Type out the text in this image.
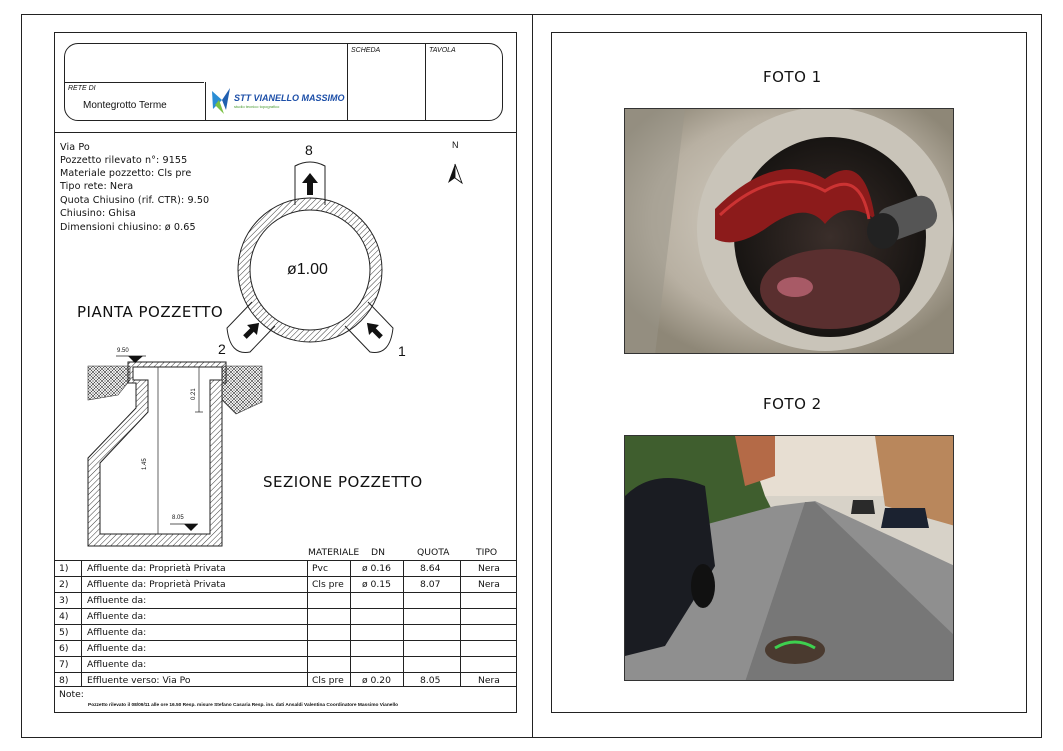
RETE DI
Montegrotto Terme
SCHEDA	TAVOLA
STT VIANELLO MASSIMO
studio tecnico topografico
Via Po
Pozzetto rilevato n°: 9155
Materiale pozzetto: Cls pre
Tipo rete: Nera
Quota Chiusino (rif. CTR): 9.50
Chiusino: Ghisa
Dimensioni chiusino: ø 0.65
8
2	1
N
ø1.00
PIANTA POZZETTO
SEZIONE POZZETTO
9.50
8.05
1.45
0.21
MATERIALE DN	QUOTA	TIPO
1) Affluente da: Proprietà Privata	Pvc	ø 0.16	8.64	Nera
2) Affluente da: Proprietà Privata	Cls pre ø 0.15	8.07	Nera
3) Affluente da:
4) Affluente da:
5) Affluente da:
6) Affluente da:
7) Affluente da:
8) Effluente verso: Via Po	Cls pre ø 0.20	8.05	Nera
Note:
Pozzetto rilevato il 08/09/11 alle ore 16.50 Resp. misure Stefano Casaria Resp. ins. dati Ansaldi Valentina Coordinatore Massimo Vianello
FOTO 1
FOTO 2
